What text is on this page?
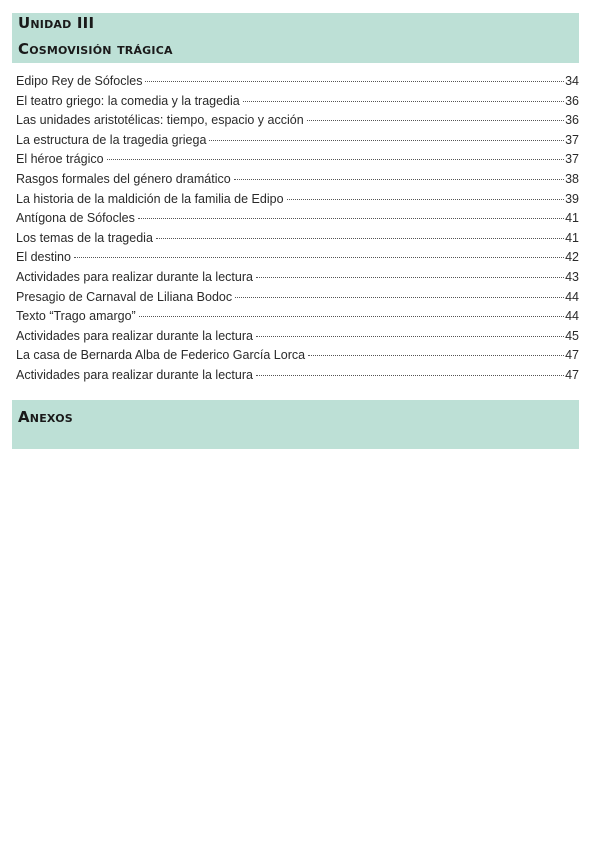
Unidad III
Cosmovisión trágica
Edipo Rey de Sófocles	34
El teatro griego: la comedia y la tragedia	36
Las unidades aristotélicas: tiempo, espacio y acción	36
La estructura de la tragedia griega	37
El héroe trágico	37
Rasgos formales del género dramático	38
La historia de la maldición de la familia de Edipo	39
Antígona de Sófocles	41
Los temas de la tragedia	41
El destino	42
Actividades para realizar durante la lectura	43
Presagio de Carnaval de Liliana Bodoc	44
Texto “Trago amargo”	44
Actividades para realizar durante la lectura	45
La casa de Bernarda Alba de Federico García Lorca	47
Actividades para realizar durante la lectura	47
Anexos
